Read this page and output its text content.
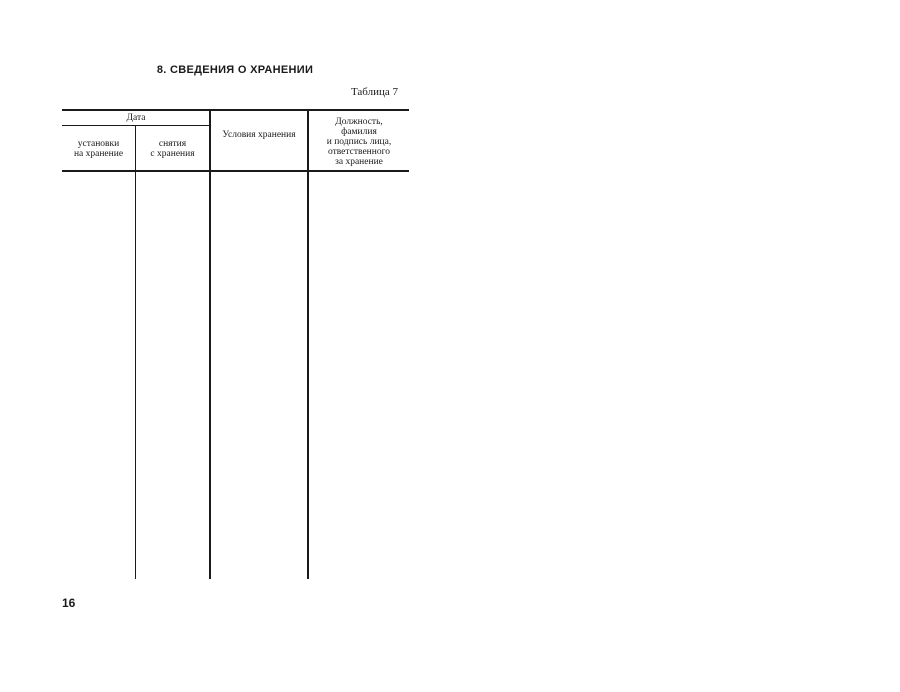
8. СВЕДЕНИЯ О ХРАНЕНИИ
Таблица 7
Дата
установки
на хранение
снятия
с хранения
Условия хранения
Должность,
фамилия
и подпись лица,
ответственного
за хранение
16
